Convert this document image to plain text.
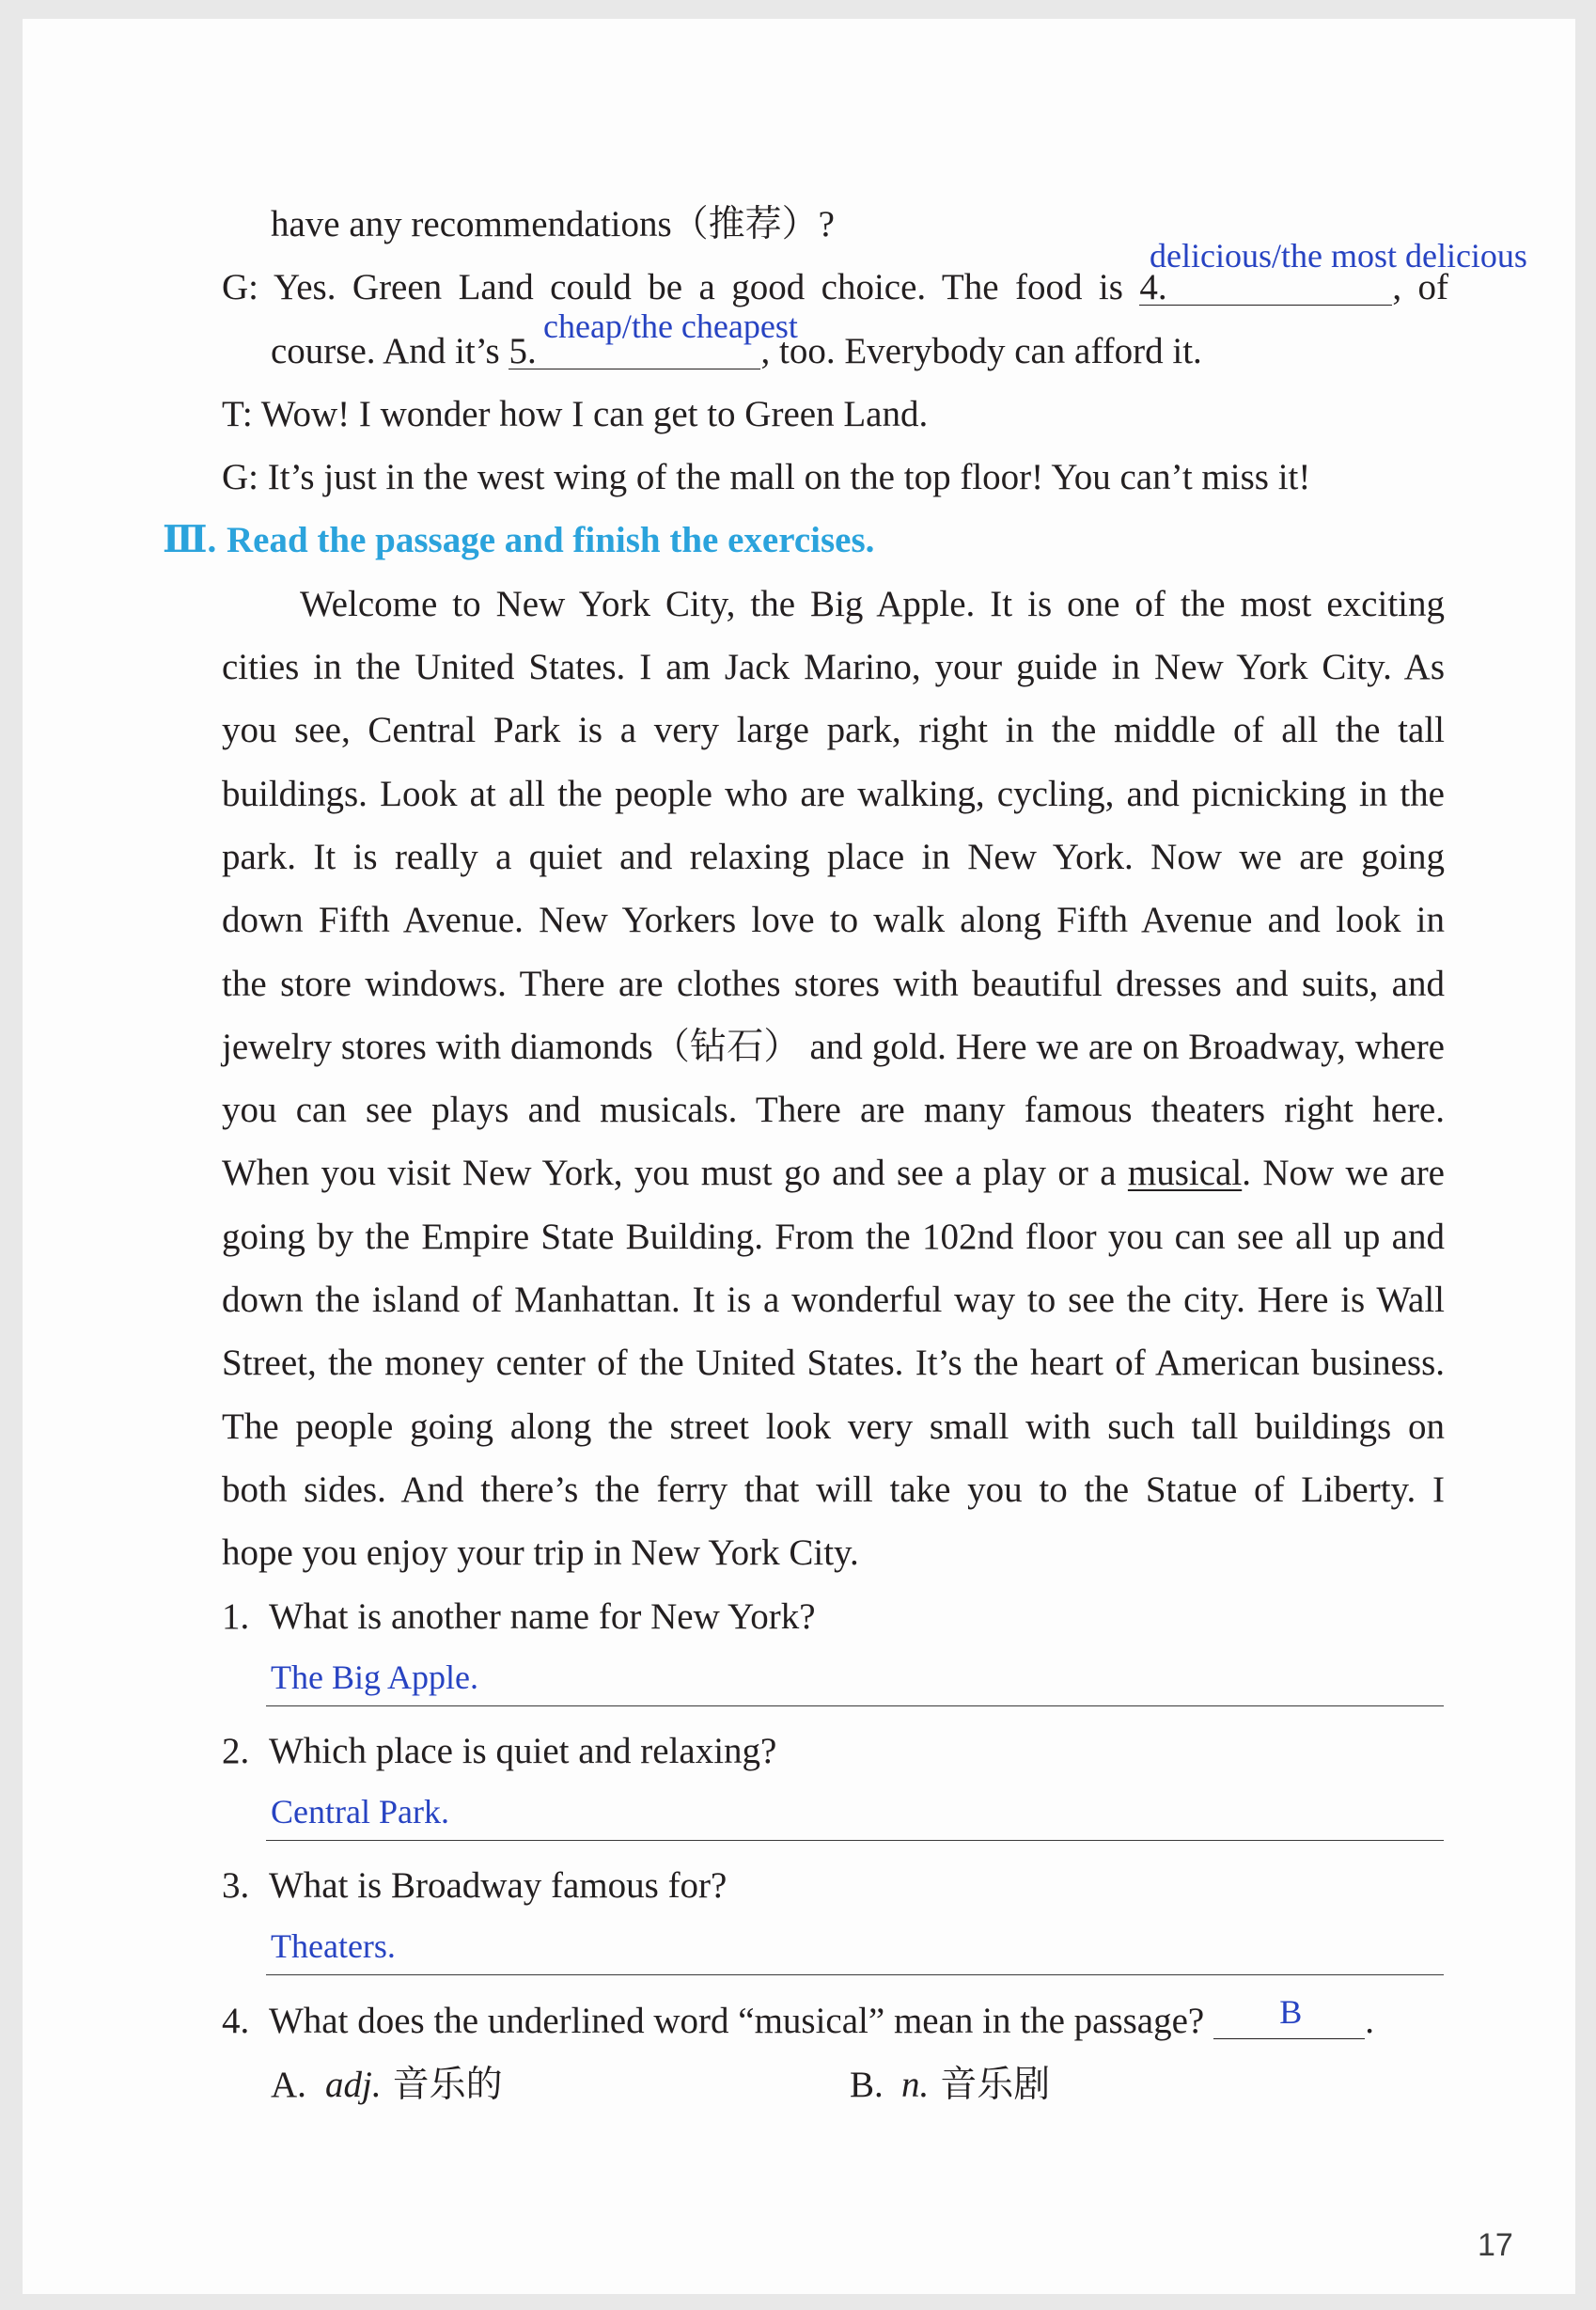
delicious/the most delicious
cheap/the cheapest
have any recommendations（推荐）?
G: Yes. Green Land could be a good choice. The food is 4.	, of
course. And it’s 5.	, too. Everybody can afford it.
T: Wow! I wonder how I can get to Green Land.
G: It’s just in the west wing of the mall on the top floor! You can’t miss it!
Ⅲ. Read the passage and finish the exercises.
Welcome to New York City, the Big Apple. It is one of the most exciting
cities in the United States. I am Jack Marino, your guide in New York City. As
you see, Central Park is a very large park, right in the middle of all the tall
buildings. Look at all the people who are walking, cycling, and picnicking in the
park. It is really a quiet and relaxing place in New York. Now we are going
down Fifth Avenue. New Yorkers love to walk along Fifth Avenue and look in
the store windows. There are clothes stores with beautiful dresses and suits, and
jewelry stores with diamonds（钻石） and gold. Here we are on Broadway, where
you can see plays and musicals. There are many famous theaters right here.
When you visit New York, you must go and see a play or a musical. Now we are
going by the Empire State Building. From the 102nd floor you can see all up and
down the island of Manhattan. It is a wonderful way to see the city. Here is Wall
Street, the money center of the United States. It’s the heart of American business.
The people going along the street look very small with such tall buildings on
both sides. And there’s the ferry that will take you to the Statue of Liberty. I
hope you enjoy your trip in New York City.
1. What is another name for New York?
The Big Apple.
2. Which place is quiet and relaxing?
Central Park.
3. What is Broadway famous for?
Theaters.
4. What does the underlined word “musical” mean in the passage? B .
A. adj. 音乐的	B. n. 音乐剧
17
